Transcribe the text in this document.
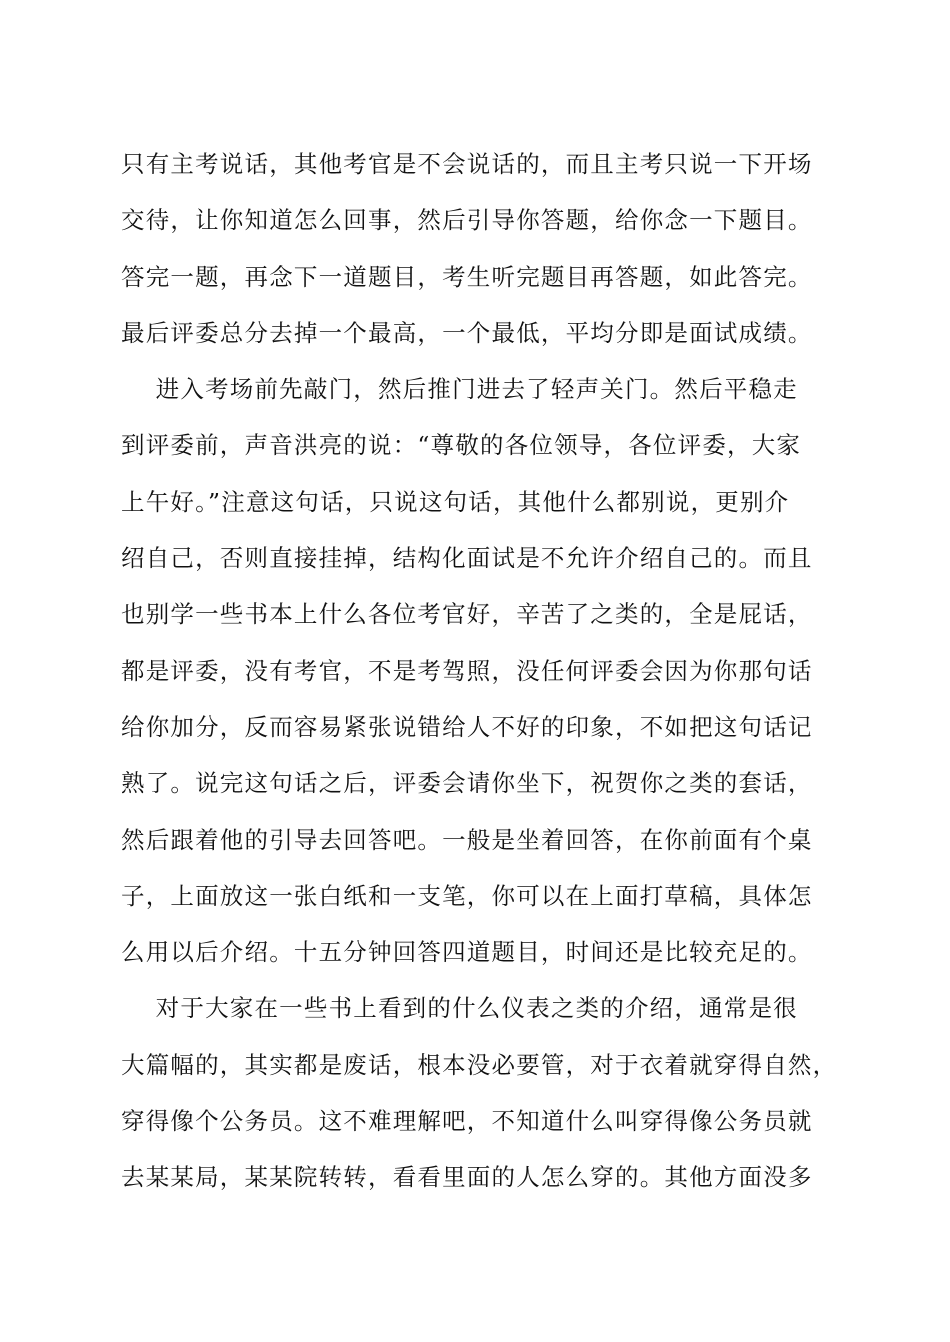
只有主考说话，其他考官是不会说话的，而且主考只说一下开场
交待，让你知道怎么回事，然后引导你答题，给你念一下题目。
答完一题，再念下一道题目，考生听完题目再答题，如此答完。
最后评委总分去掉一个最高，一个最低，平均分即是面试成绩。
进入考场前先敲门，然后推门进去了轻声关门。然后平稳走
到评委前，声音洪亮的说：“尊敬的各位领导，各位评委，大家
上午好。”注意这句话，只说这句话，其他什么都别说，更别介
绍自己，否则直接挂掉，结构化面试是不允许介绍自己的。而且
也别学一些书本上什么各位考官好，辛苦了之类的，全是屁话，
都是评委，没有考官，不是考驾照，没任何评委会因为你那句话
给你加分，反而容易紧张说错给人不好的印象，不如把这句话记
熟了。说完这句话之后，评委会请你坐下，祝贺你之类的套话，
然后跟着他的引导去回答吧。一般是坐着回答，在你前面有个桌
子，上面放这一张白纸和一支笔，你可以在上面打草稿，具体怎
么用以后介绍。十五分钟回答四道题目，时间还是比较充足的。
对于大家在一些书上看到的什么仪表之类的介绍，通常是很
大篇幅的，其实都是废话，根本没必要管，对于衣着就穿得自然，
穿得像个公务员。这不难理解吧，不知道什么叫穿得像公务员就
去某某局，某某院转转，看看里面的人怎么穿的。其他方面没多
